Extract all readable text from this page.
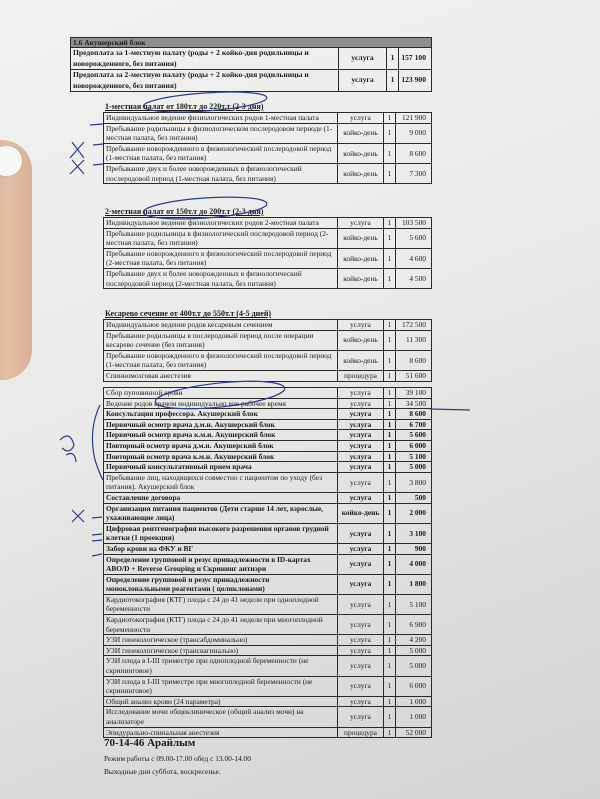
1.6 Акушерский блок
Предоплата за 1-местную палату (роды + 2 койко-дня родильницы и новорожденного, без питания)	услуга	1	157 100
Предоплата за 2-местную палату (роды + 2 койко-дня родильницы и новорожденного, без питания)	услуга	1	123 900
1-местная палат от 180т.т до 220т.т (2-3 дня)
Индивидуальное ведение физиологических родов 1-местная палата	услуга	1	121 900
Пребывание родильницы в физиологическом послеродовом периоде (1-местная палата, без питания)	койко-день	1	9 000
Пребывание новорожденного в физиологический послеродовой период (1-местная палата, без питания)	койко-день	1	8 600
Пребывание двух и более новорожденных в физиологический послеродовой период (1-местная палата, без питания)	койко-день	1	7 300
2-местная палат от 150т.т до 200т.т (2-3 дня)
Индивидуальное ведение физиологических родов 2-местная палата	услуга	1	103 500
Пребывание родильницы в физиологический послеродовой период (2-местная палата, без питания)	койко-день	1	5 600
Пребывание новорожденного в физиологический послеродовой период (2-местная палата, без питания)	койко-день	1	4 600
Пребывание двух и более новорожденных в физиологический послеродовой период (2-местная палата, без питания)	койко-день	1	4 500
Кесарево сечение от 400т.т до 550т.т (4-5 дней)
Индивидуальное ведение родов кесаревым сечением	услуга	1	172 500
Пребывание родильницы в послеродовый период после операции кесарево сечение (без питания)	койко-день	1	11 300
Пребывание новорожденного в физиологический послеродовой период (1-местная палата, без питания)	койко-день	1	8 600
Спинномозговая анестезия	процедура	1	51 600
Сбор пуповинной крови	услуга	1	39 100
Ведение родов врачом индивидуально вне рабочее время	услуга	1	34 500
Консультация профессора. Акушерский блок	услуга	1	8 600
Первичный осмотр врача д.м.н. Акушерский блок	услуга	1	6 700
Первичный осмотр врача к.м.н. Акушерский блок	услуга	1	5 600
Повторный осмотр врача д.м.н. Акушерский блок	услуга	1	6 000
Повторный осмотр врача к.м.н. Акушерский блок	услуга	1	5 100
Первичный консультативный прием врача	услуга	1	5 000
Пребывание лиц, находящихся совместно с пациентом по уходу (без питания). Акушерский блок	услуга	1	3 800
Составление договора	услуга	1	500
Организация питания пациентов (Дети старше 14 лет, взрослые, ухаживающие лица)	койко-день	1	2 000
Цифровая рентгенография высокого разрешения органов грудной клетки (1 проекция)	услуга	1	3 100
Забор крови на ФКУ и ВГ	услуга	1	900
Определение групповой и резус принадлежности в ID-картах ABO/D + Reverse Grouping и Скрининг антиэри	услуга	1	4 000
Определение групповой и резус принадлежности моноклональными реагентами ( цоликлонами)	услуга	1	1 800
Кардиотокография (КТГ) плода с 24 до 41 недели при одноплодной беременности	услуга	1	5 100
Кардиотокография (КТГ) плода с 24 до 41 недели при многоплодной беременности	услуга	1	6 900
УЗИ гинекологическое (трансабдоминально)	услуга	1	4 200
УЗИ гинекологическое (трансвагинально)	услуга	1	5 000
УЗИ плода в I-III триместре при одноплодной беременности (не скрининговое)	услуга	1	5 000
УЗИ плода в I-III триместре при многоплодной беременности (не скрининговое)	услуга	1	6 000
Общий анализ крови (24 параметра)	услуга	1	1 000
Исследование мочи общеклиническое (общий анализ мочи) на анализаторе	услуга	1	1 000
Эпидурально-спинальная анестезия	процедура	1	52 000
70-14-46 Арайлым
Режим работы с 09.00-17.00 обед с 13.00-14.00
Выходные дни суббота, воскресенье.
